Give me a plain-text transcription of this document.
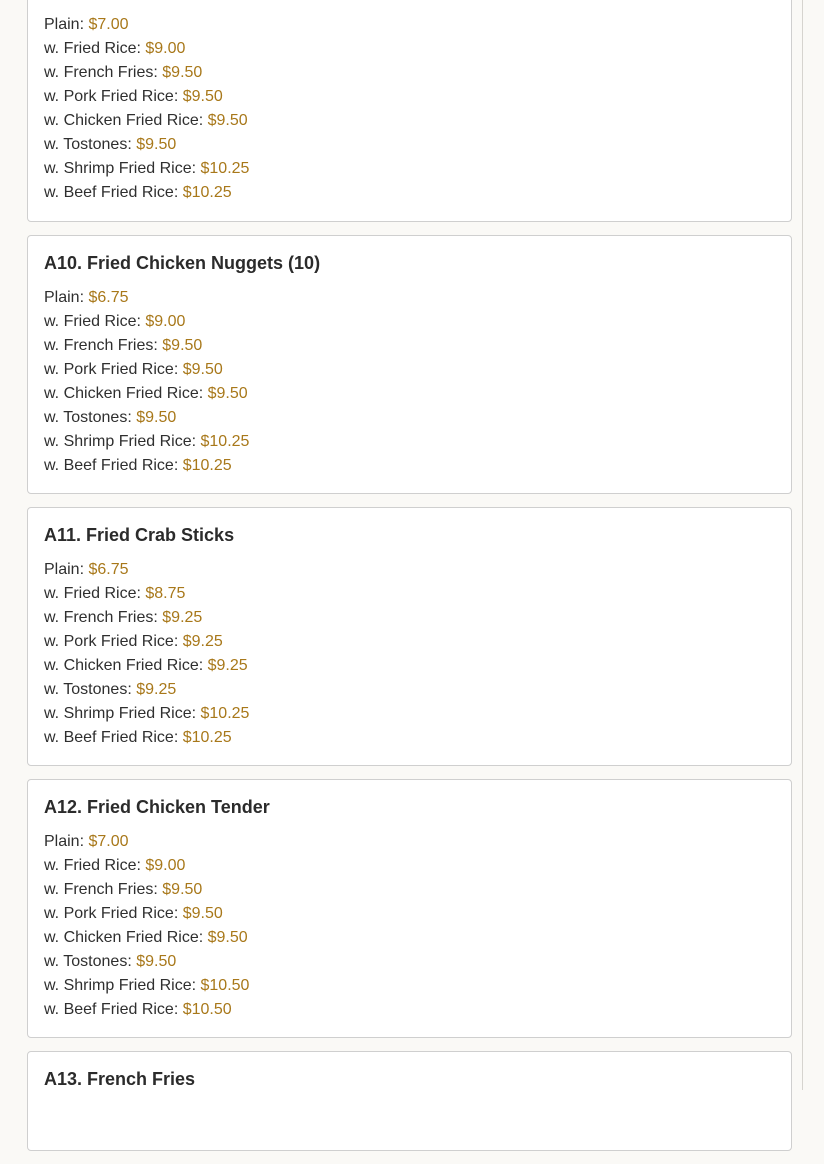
Plain: $7.00
w. Fried Rice: $9.00
w. French Fries: $9.50
w. Pork Fried Rice: $9.50
w. Chicken Fried Rice: $9.50
w. Tostones: $9.50
w. Shrimp Fried Rice: $10.25
w. Beef Fried Rice: $10.25
A10. Fried Chicken Nuggets (10)
Plain: $6.75
w. Fried Rice: $9.00
w. French Fries: $9.50
w. Pork Fried Rice: $9.50
w. Chicken Fried Rice: $9.50
w. Tostones: $9.50
w. Shrimp Fried Rice: $10.25
w. Beef Fried Rice: $10.25
A11. Fried Crab Sticks
Plain: $6.75
w. Fried Rice: $8.75
w. French Fries: $9.25
w. Pork Fried Rice: $9.25
w. Chicken Fried Rice: $9.25
w. Tostones: $9.25
w. Shrimp Fried Rice: $10.25
w. Beef Fried Rice: $10.25
A12. Fried Chicken Tender
Plain: $7.00
w. Fried Rice: $9.00
w. French Fries: $9.50
w. Pork Fried Rice: $9.50
w. Chicken Fried Rice: $9.50
w. Tostones: $9.50
w. Shrimp Fried Rice: $10.50
w. Beef Fried Rice: $10.50
A13. French Fries
